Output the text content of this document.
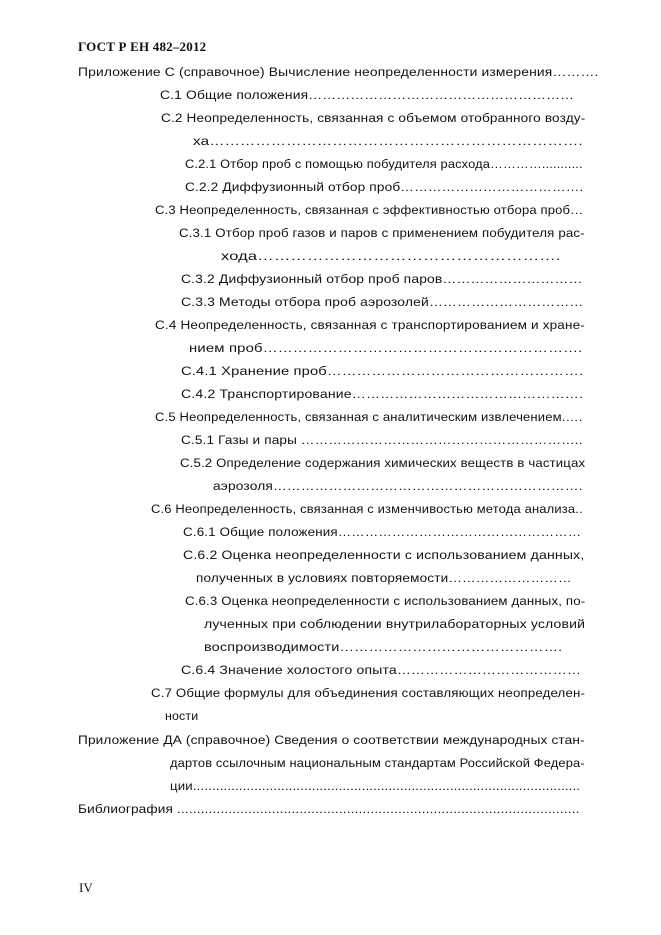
ГОСТ Р ЕН 482–2012
Приложение С (справочное) Вычисление неопределенности измерения……….
С.1 Общие положения…………………………………………………
С.2 Неопределенность, связанная с объемом отобранного возду-
ха……………………………………………………………….
С.2.1 Отбор проб с помощью побудителя расхода…………...........
С.2.2 Диффузионный отбор проб………………………………….
С.3 Неопределенность, связанная с эффективностью отбора проб…
С.3.1 Отбор проб газов и паров с применением побудителя рас-
хода……………………………………………….
С.3.2 Диффузионный отбор проб паров…………………………
С.3.3 Методы отбора проб аэрозолей……………………………
С.4 Неопределенность, связанная с транспортированием и хране-
нием проб……………………………………………………….
С.4.1 Хранение проб…………………………………………….
С.4.2 Транспортирование………………………………………….
С.5 Неопределенность, связанная с аналитическим извлечением.….
С.5.1 Газы и пары ……………………………………………………..
С.5.2 Определение содержания химических веществ в частицах
аэрозоля………………………………………………………….
С.6 Неопределенность, связанная с изменчивостью метода анализа..
С.6.1 Общие положения………………………………………………
С.6.2 Оценка неопределенности с использованием данных,
полученных в условиях повторяемости………………………
С.6.3 Оценка неопределенности с использованием данных, по-
лученных при соблюдении внутрилабораторных условий
воспроизводимости……………………………………….
С.6.4 Значение холостого опыта…………………………………
С.7 Общие формулы для объединения составляющих неопределен-
ности
Приложение ДА (справочное) Сведения о соответствии международных стан-
дартов ссылочным национальным стандартам Российской Федера-
ции.....................................................................................................
Библиография ......................................................................................................
IV
